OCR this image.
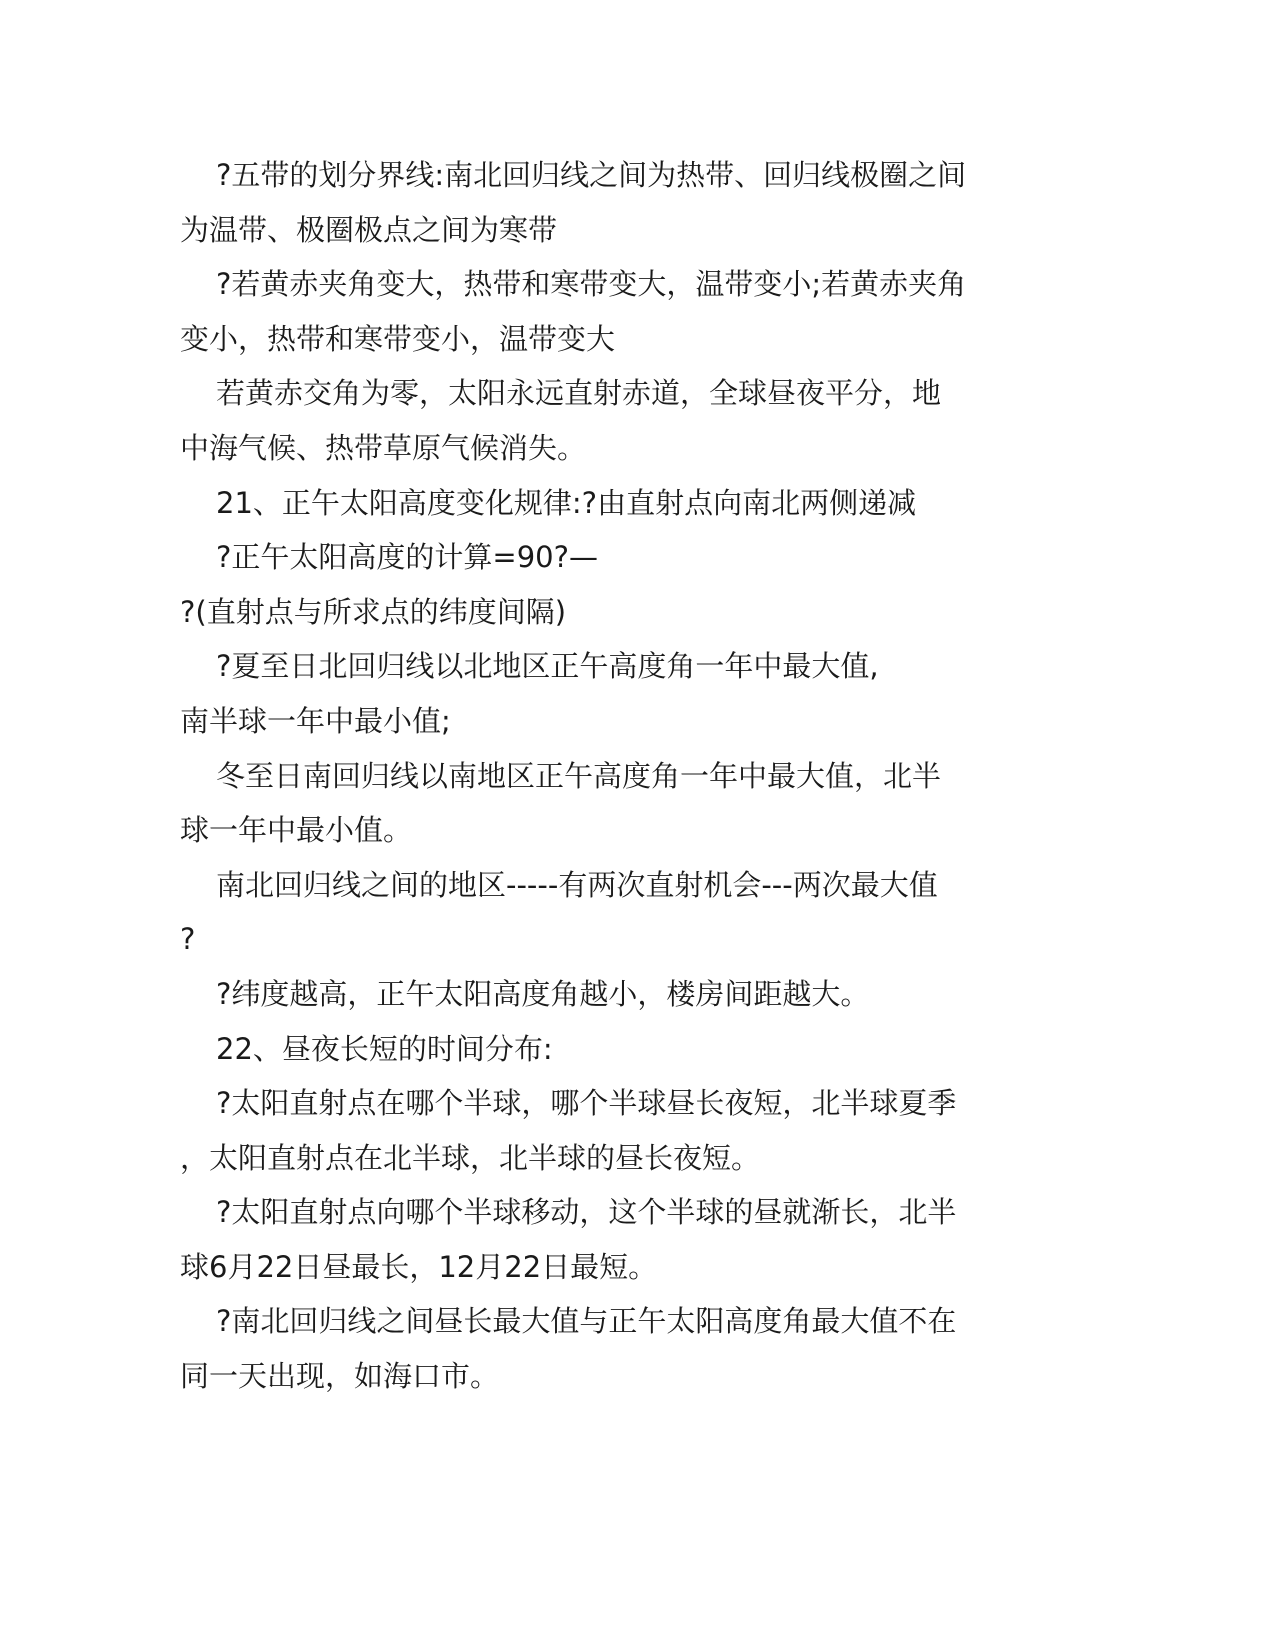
?五带的划分界线:南北回归线之间为热带、回归线极圈之间
为温带、极圈极点之间为寒带
?若黄赤夹角变大，热带和寒带变大，温带变小;若黄赤夹角
变小，热带和寒带变小，温带变大
若黄赤交角为零，太阳永远直射赤道，全球昼夜平分，地
中海气候、热带草原气候消失。
21、正午太阳高度变化规律:?由直射点向南北两侧递减
?正午太阳高度的计算=90?—
?(直射点与所求点的纬度间隔)
?夏至日北回归线以北地区正午高度角一年中最大值,
南半球一年中最小值;
冬至日南回归线以南地区正午高度角一年中最大值，北半
球一年中最小值。
南北回归线之间的地区-----有两次直射机会---两次最大值
?
?纬度越高，正午太阳高度角越小，楼房间距越大。
22、昼夜长短的时间分布:
?太阳直射点在哪个半球，哪个半球昼长夜短，北半球夏季
，太阳直射点在北半球，北半球的昼长夜短。
?太阳直射点向哪个半球移动，这个半球的昼就渐长，北半
球6月22日昼最长，12月22日最短。
?南北回归线之间昼长最大值与正午太阳高度角最大值不在
同一天出现，如海口市。
